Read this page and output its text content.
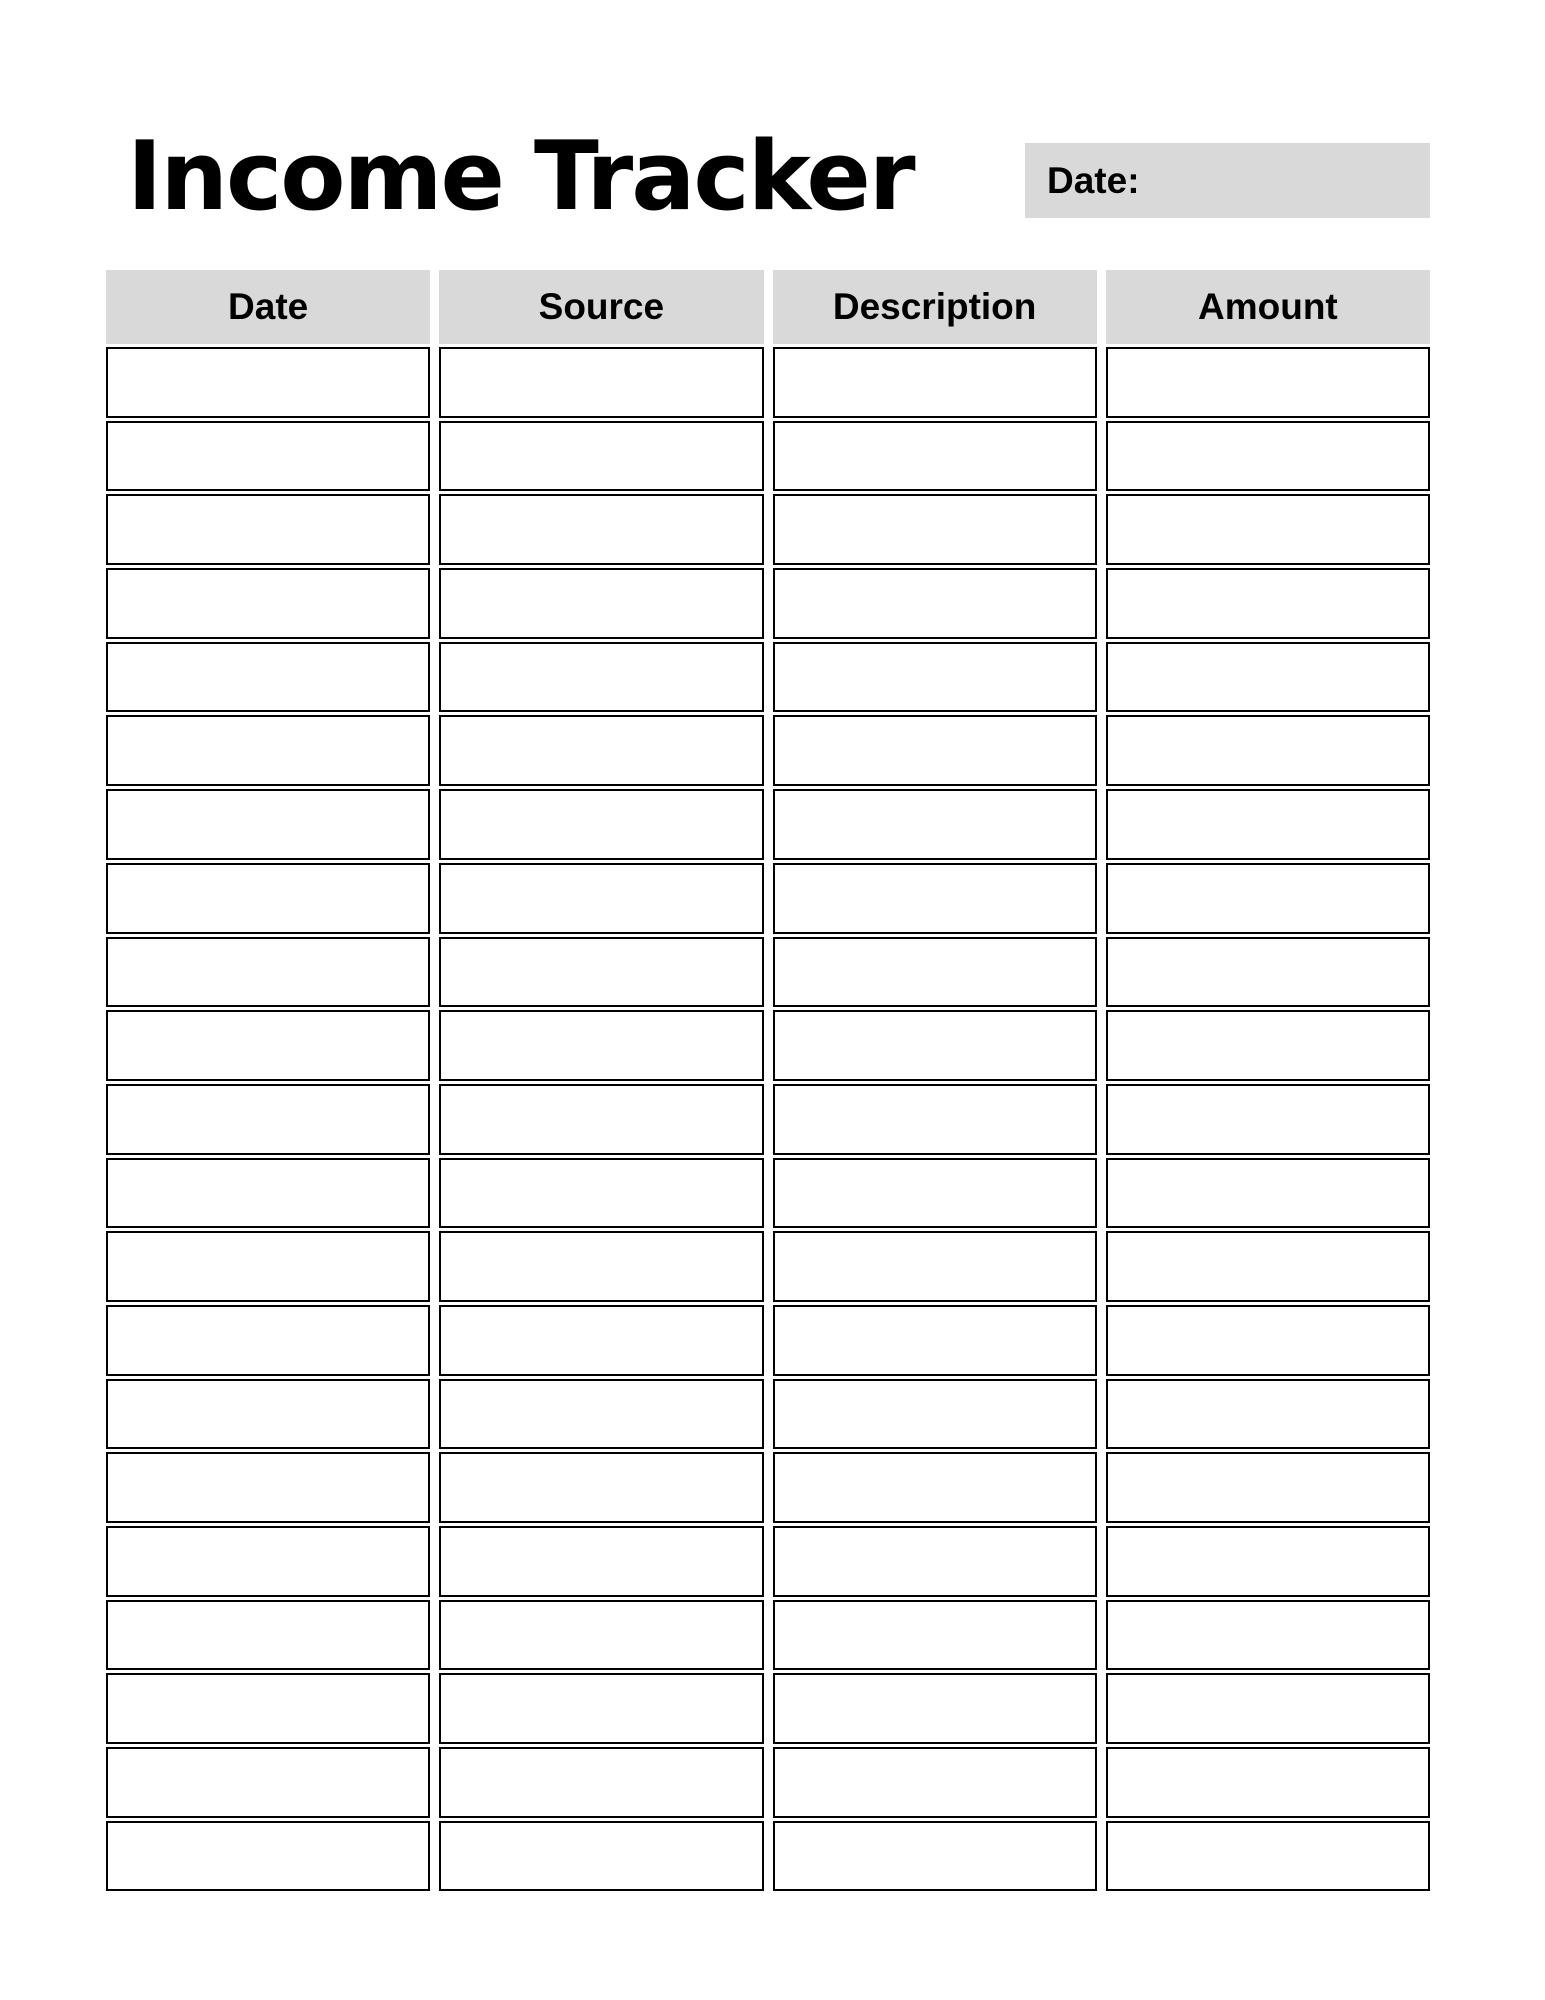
Income Tracker	Date:
Date	Source	Description	Amount
